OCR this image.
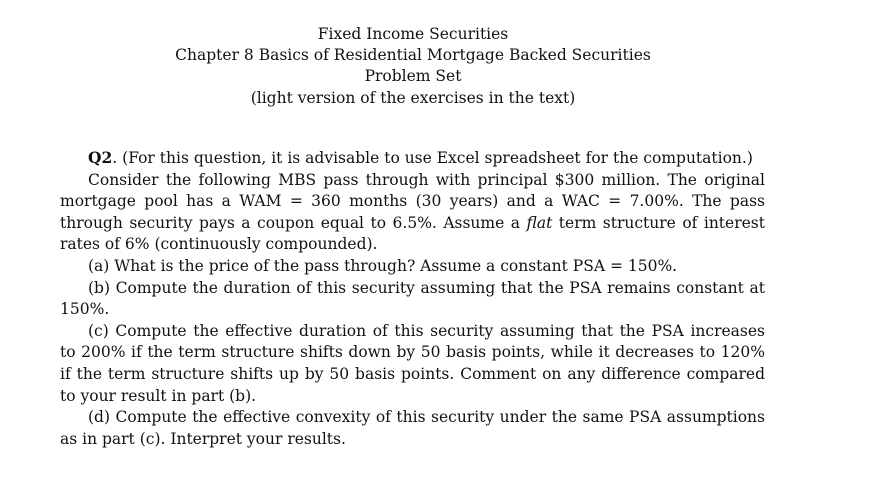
Fixed Income Securities
Chapter 8 Basics of Residential Mortgage Backed Securities
Problem Set
(light version of the exercises in the text)

Q2. (For this question, it is advisable to use Excel spreadsheet for the computation.)

Consider the following MBS pass through with principal $300 million. The original mortgage pool has a WAM = 360 months (30 years) and a WAC = 7.00%. The pass through security pays a coupon equal to 6.5%. Assume a flat term structure of interest rates of 6% (continuously compounded).

(a) What is the price of the pass through? Assume a constant PSA = 150%.

(b) Compute the duration of this security assuming that the PSA remains constant at 150%.

(c) Compute the effective duration of this security assuming that the PSA increases to 200% if the term structure shifts down by 50 basis points, while it decreases to 120% if the term structure shifts up by 50 basis points. Comment on any difference compared to your result in part (b).

(d) Compute the effective convexity of this security under the same PSA assumptions as in part (c). Interpret your results.
